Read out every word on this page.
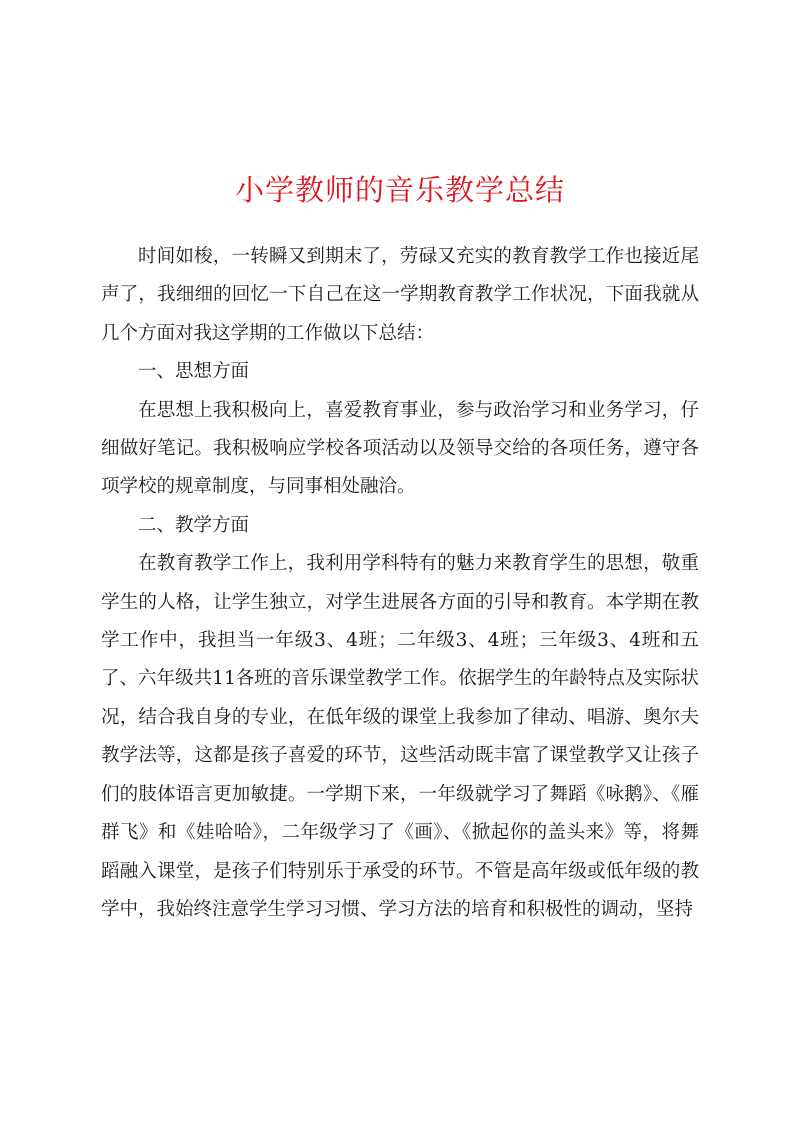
小学教师的音乐教学总结

时间如梭，一转瞬又到期末了，劳碌又充实的教育教学工作也接近尾声了，我细细的回忆一下自己在这一学期教育教学工作状况，下面我就从几个方面对我这学期的工作做以下总结：

一、思想方面

在思想上我积极向上，喜爱教育事业，参与政治学习和业务学习，仔细做好笔记。我积极响应学校各项活动以及领导交给的各项任务，遵守各项学校的规章制度，与同事相处融洽。

二、教学方面

在教育教学工作上，我利用学科特有的魅力来教育学生的思想，敬重学生的人格，让学生独立，对学生进展各方面的引导和教育。本学期在教学工作中，我担当一年级3、4班；二年级3、4班；三年级3、4班和五了、六年级共11各班的音乐课堂教学工作。依据学生的年龄特点及实际状况，结合我自身的专业，在低年级的课堂上我参加了律动、唱游、奥尔夫教学法等，这都是孩子喜爱的环节，这些活动既丰富了课堂教学又让孩子们的肢体语言更加敏捷。一学期下来，一年级就学习了舞蹈《咏鹅》、《雁群飞》和《娃哈哈》，二年级学习了《画》、《掀起你的盖头来》等，将舞蹈融入课堂，是孩子们特别乐于承受的环节。不管是高年级或低年级的教学中，我始终注意学生学习习惯、学习方法的培育和积极性的调动，坚持
